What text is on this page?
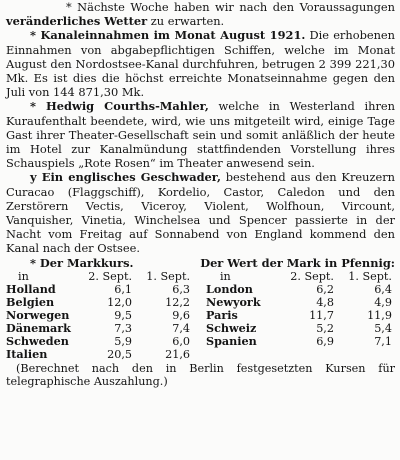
* Nächste Woche haben wir nach den Voraussagungen veränderliches Wetter zu erwarten.

* Kanaleinnahmen im Monat August 1921. Die erhobenen Einnahmen von abgabepflichtigen Schiffen, welche im Monat August den Nordostsee-Kanal durchfuhren, betrugen 2 399 221,30 Mk. Es ist dies die höchst erreichte Monatseinnahme gegen den Juli von 144 871,30 Mk.

* Hedwig Courths-Mahler, welche in Westerland ihren Kuraufenthalt beendete, wird, wie uns mitgeteilt wird, einige Tage Gast ihrer Theater-Gesellschaft sein und somit anläßlich der heute im Hotel zur Kanalmündung stattfindenden Vorstellung ihres Schauspiels „Rote Rosen“ im Theater anwesend sein.

y Ein englisches Geschwader, bestehend aus den Kreuzern Curacao (Flaggschiff), Kordelio, Castor, Caledon und den Zerstörern Vectis, Viceroy, Violent, Wolfhoun, Vircount, Vanquisher, Vinetia, Winchelsea und Spencer passierte in der Nacht vom Freitag auf Sonnabend von England kommend den Kanal nach der Ostsee.

* Der Markkurs.	Der Wert der Mark in Pfennig:

in	2. Sept.	1. Sept.
Holland	6,1	6,3
Belgien	12,0	12,2
Norwegen	9,5	9,6
Dänemark	7,3	7,4
Schweden	5,9	6,0
Italien	20,5	21,6
in	2. Sept.	1. Sept.
London	6,2	6,4
Newyork	4,8	4,9
Paris	11,7	11,9
Schweiz	5,2	5,4
Spanien	6,9	7,1

(Berechnet nach den in Berlin festgesetzten Kursen für telegraphische Auszahlung.)
